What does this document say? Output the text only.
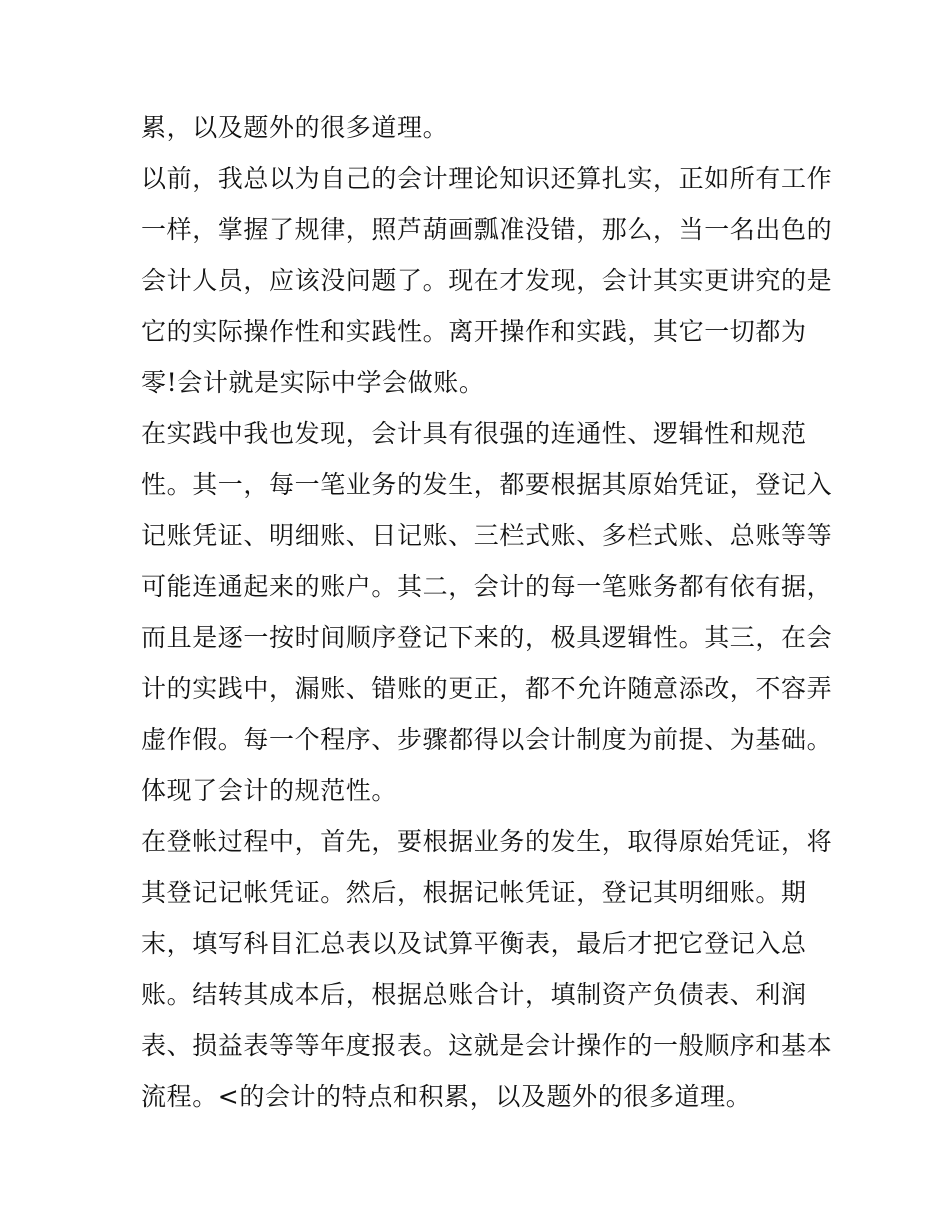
累，以及题外的很多道理。
以前，我总以为自己的会计理论知识还算扎实，正如所有工作
一样，掌握了规律，照芦葫画瓢准没错，那么，当一名出色的
会计人员，应该没问题了。现在才发现，会计其实更讲究的是
它的实际操作性和实践性。离开操作和实践，其它一切都为
零!会计就是实际中学会做账。
在实践中我也发现，会计具有很强的连通性、逻辑性和规范
性。其一，每一笔业务的发生，都要根据其原始凭证，登记入
记账凭证、明细账、日记账、三栏式账、多栏式账、总账等等
可能连通起来的账户。其二，会计的每一笔账务都有依有据，
而且是逐一按时间顺序登记下来的，极具逻辑性。其三，在会
计的实践中，漏账、错账的更正，都不允许随意添改，不容弄
虚作假。每一个程序、步骤都得以会计制度为前提、为基础。
体现了会计的规范性。
在登帐过程中，首先，要根据业务的发生，取得原始凭证，将
其登记记帐凭证。然后，根据记帐凭证，登记其明细账。期
末，填写科目汇总表以及试算平衡表，最后才把它登记入总
账。结转其成本后，根据总账合计，填制资产负债表、利润
表、损益表等等年度报表。这就是会计操作的一般顺序和基本
流程。<的会计的特点和积累，以及题外的很多道理。
